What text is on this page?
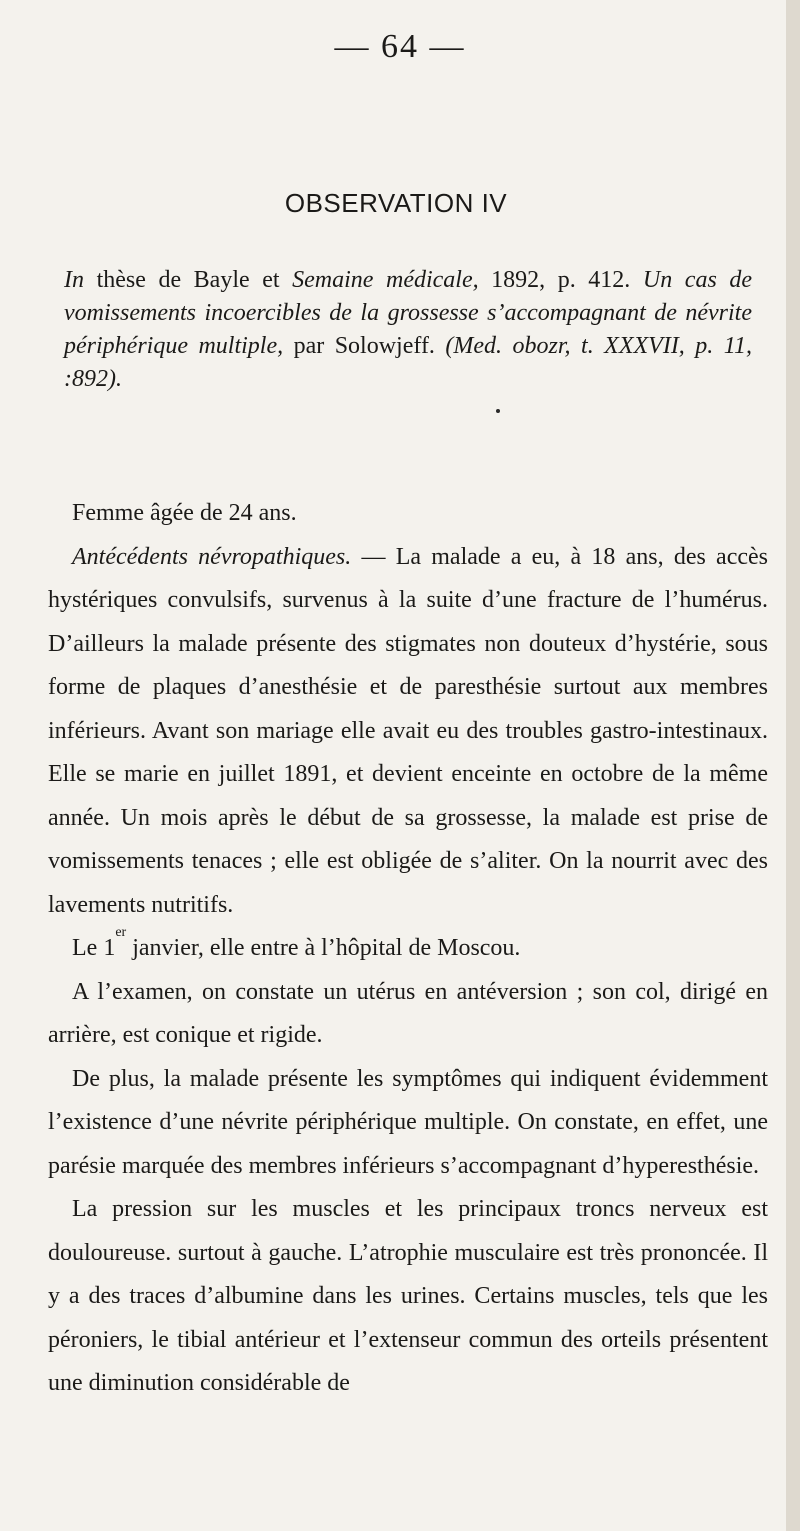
— 64 —
OBSERVATION IV
In thèse de Bayle et Semaine médicale, 1892, p. 412. Un cas de vomissements incoercibles de la grossesse s’accompagnant de névrite périphérique multiple, par Solowjeff. (Med. obozr, t. XXXVII, p. 11, :892).

Femme âgée de 24 ans.

Antécédents névropathiques. — La malade a eu, à 18 ans, des accès hystériques convulsifs, survenus à la suite d’une fracture de l’humérus. D’ailleurs la malade présente des stigmates non douteux d’hystérie, sous forme de plaques d’anesthésie et de paresthésie surtout aux membres inférieurs. Avant son mariage elle avait eu des troubles gastro-intestinaux. Elle se marie en juillet 1891, et devient enceinte en octobre de la même année. Un mois après le début de sa grossesse, la malade est prise de vomissements tenaces ; elle est obligée de s’aliter. On la nourrit avec des lavements nutritifs.

Le 1er janvier, elle entre à l’hôpital de Moscou.

A l’examen, on constate un utérus en antéversion ; son col, dirigé en arrière, est conique et rigide.

De plus, la malade présente les symptômes qui indiquent évidemment l’existence d’une névrite périphérique multiple. On constate, en effet, une parésie marquée des membres inférieurs s’accompagnant d’hyperesthésie.

La pression sur les muscles et les principaux troncs nerveux est douloureuse. surtout à gauche. L’atrophie musculaire est très prononcée. Il y a des traces d’albumine dans les urines. Certains muscles, tels que les péroniers, le tibial antérieur et l’extenseur commun des orteils présentent une diminution considérable de
